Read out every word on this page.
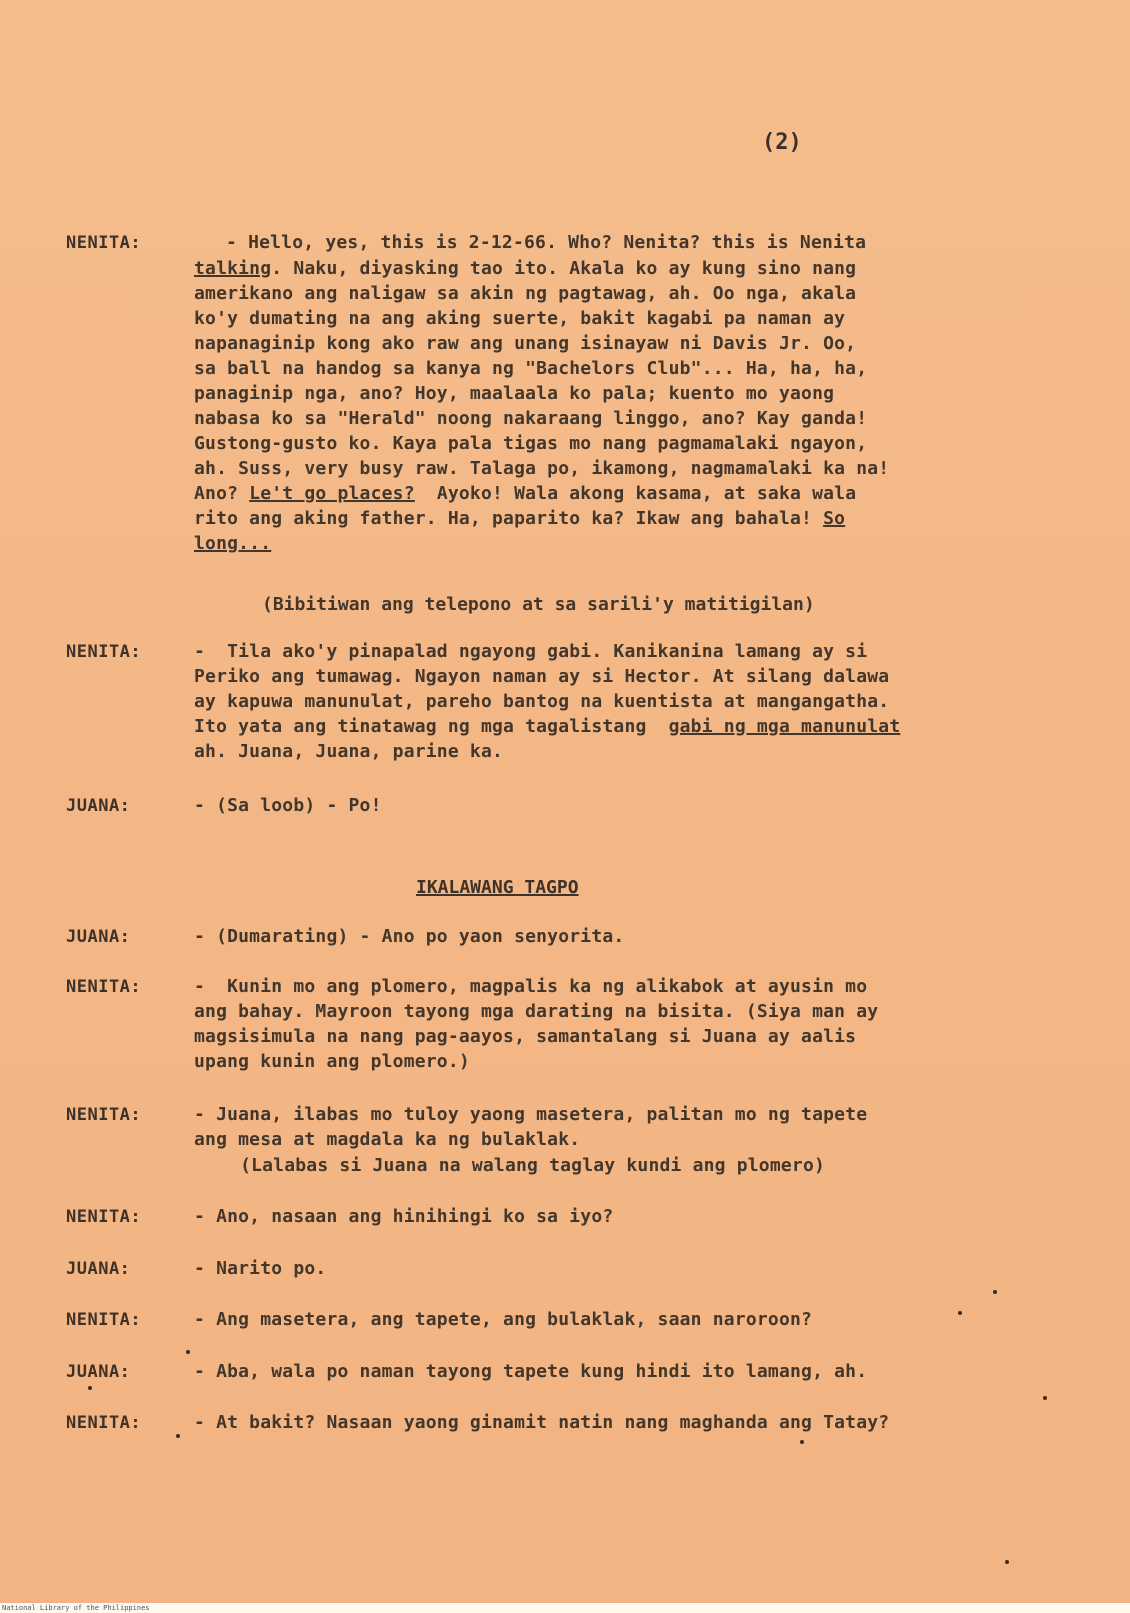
(2)
NENITA:	- Hello, yes, this is 2-12-66. Who? Nenita? this is Nenita
talking. Naku, diyasking tao ito. Akala ko ay kung sino nang
amerikano ang naligaw sa akin ng pagtawag, ah. Oo nga, akala
ko'y dumating na ang aking suerte, bakit kagabi pa naman ay
napanaginip kong ako raw ang unang isinayaw ni Davis Jr. Oo,
sa ball na handog sa kanya ng "Bachelors Club"... Ha, ha, ha,
panaginip nga, ano? Hoy, maalaala ko pala; kuento mo yaong
nabasa ko sa "Herald" noong nakaraang linggo, ano? Kay ganda!
Gustong-gusto ko. Kaya pala tigas mo nang pagmamalaki ngayon,
ah. Suss, very busy raw. Talaga po, ikamong, nagmamalaki ka na!
Ano? Le't go places?  Ayoko! Wala akong kasama, at saka wala
rito ang aking father. Ha, paparito ka? Ikaw ang bahala! So
long...
(Bibitiwan ang telepono at sa sarili'y matitigilan)
NENITA:	-  Tila ako'y pinapalad ngayong gabi. Kanikanina lamang ay si
Periko ang tumawag. Ngayon naman ay si Hector. At silang dalawa
ay kapuwa manunulat, pareho bantog na kuentista at mangangatha.
Ito yata ang tinatawag ng mga tagalistang  gabi ng mga manunulat
ah. Juana, Juana, parine ka.
JUANA:	- (Sa loob) - Po!
IKALAWANG TAGPO
JUANA:	- (Dumarating) - Ano po yaon senyorita.
NENITA:	-  Kunin mo ang plomero, magpalis ka ng alikabok at ayusin mo
ang bahay. Mayroon tayong mga darating na bisita. (Siya man ay
magsisimula na nang pag-aayos, samantalang si Juana ay aalis
upang kunin ang plomero.)
NENITA:	- Juana, ilabas mo tuloy yaong masetera, palitan mo ng tapete
ang mesa at magdala ka ng bulaklak.
(Lalabas si Juana na walang taglay kundi ang plomero)
NENITA:	- Ano, nasaan ang hinihingi ko sa iyo?
JUANA:	- Narito po.
NENITA:	- Ang masetera, ang tapete, ang bulaklak, saan naroroon?
JUANA:	- Aba, wala po naman tayong tapete kung hindi ito lamang, ah.
NENITA:	- At bakit? Nasaan yaong ginamit natin nang maghanda ang Tatay?
National Library of the Philippines
